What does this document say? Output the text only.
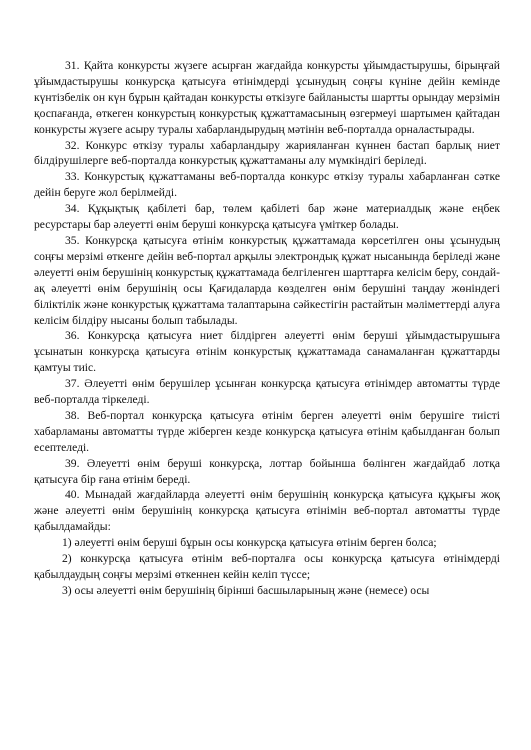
31. Қайта конкурсты жүзеге асырған жағдайда конкурсты ұйымдастырушы, бірыңғай ұйымдастырушы конкурсқа қатысуға өтінімдерді ұсынудың соңғы күніне дейін кемінде күнтізбелік он күн бұрын қайтадан конкурсты өткізуге байланысты шартты орындау мерзімін қоспағанда, өткеген конкурстың конкурстық құжаттамасының өзгермеуі шартымен қайтадан конкурсты жүзеге асыру туралы хабарландырудың мәтінін веб-порталда орналастырады.

32. Конкурс өткізу туралы хабарландыру жарияланған күннен бастап барлық ниет білдірушілерге веб-порталда конкурстық құжаттаманы алу мүмкіндігі беріледі.

33. Конкурстық құжаттаманы веб-порталда конкурс өткізу туралы хабарланған сәтке дейін беруге жол берілмейді.

34. Құқықтық қабілеті бар, төлем қабілеті бар және материалдық және еңбек ресурстары бар әлеуетті өнім беруші конкурсқа қатысуға үміткер болады.

35. Конкурсқа қатысуға өтінім конкурстық құжаттамада көрсетілген оны ұсынудың соңғы мерзімі өткенге дейін веб-портал арқылы электрондық құжат нысанында беріледі және әлеуетті өнім берушінің конкурстық құжаттамада белгіленген шарттарға келісім беру, сондай-ақ әлеуетті өнім берушінің осы Қағидаларда көзделген өнім берушіні таңдау жөніндегі біліктілік және конкурстық құжаттама талаптарына сәйкестігін растайтын мәліметтерді алуға келісім білдіру нысаны болып табылады.

36. Конкурсқа қатысуға ниет білдірген әлеуетті өнім беруші ұйымдастырушыға ұсынатын конкурсқа қатысуға өтінім конкурстық құжаттамада санамаланған құжаттарды қамтуы тиіс.

37. Әлеуетті өнім берушілер ұсынған конкурсқа қатысуға өтінімдер автоматты түрде веб-порталда тіркеледі.

38. Веб-портал конкурсқа қатысуға өтінім берген әлеуетті өнім берушіге тиісті хабарламаны автоматты түрде жіберген кезде конкурсқа қатысуға өтінім қабылданған болып есептеледі.

39. Әлеуетті өнім беруші конкурсқа, лоттар бойынша бөлінген жағдайдаб лотқа қатысуға бір ғана өтінім береді.

40. Мынадай жағдайларда әлеуетті өнім берушінің конкурсқа қатысуға құқығы жоқ және әлеуетті өнім берушінің конкурсқа қатысуға өтінімін веб-портал автоматты түрде қабылдамайды:

1) әлеуетті өнім беруші бұрын осы конкурсқа қатысуға өтінім берген болса;

2) конкурсқа қатысуға өтінім веб-порталға осы конкурсқа қатысуға өтінімдерді қабылдаудың соңғы мерзімі өткеннен кейін келіп түссе;

3) осы әлеуетті өнім берушінің бірінші басшыларының және (немесе) осы
